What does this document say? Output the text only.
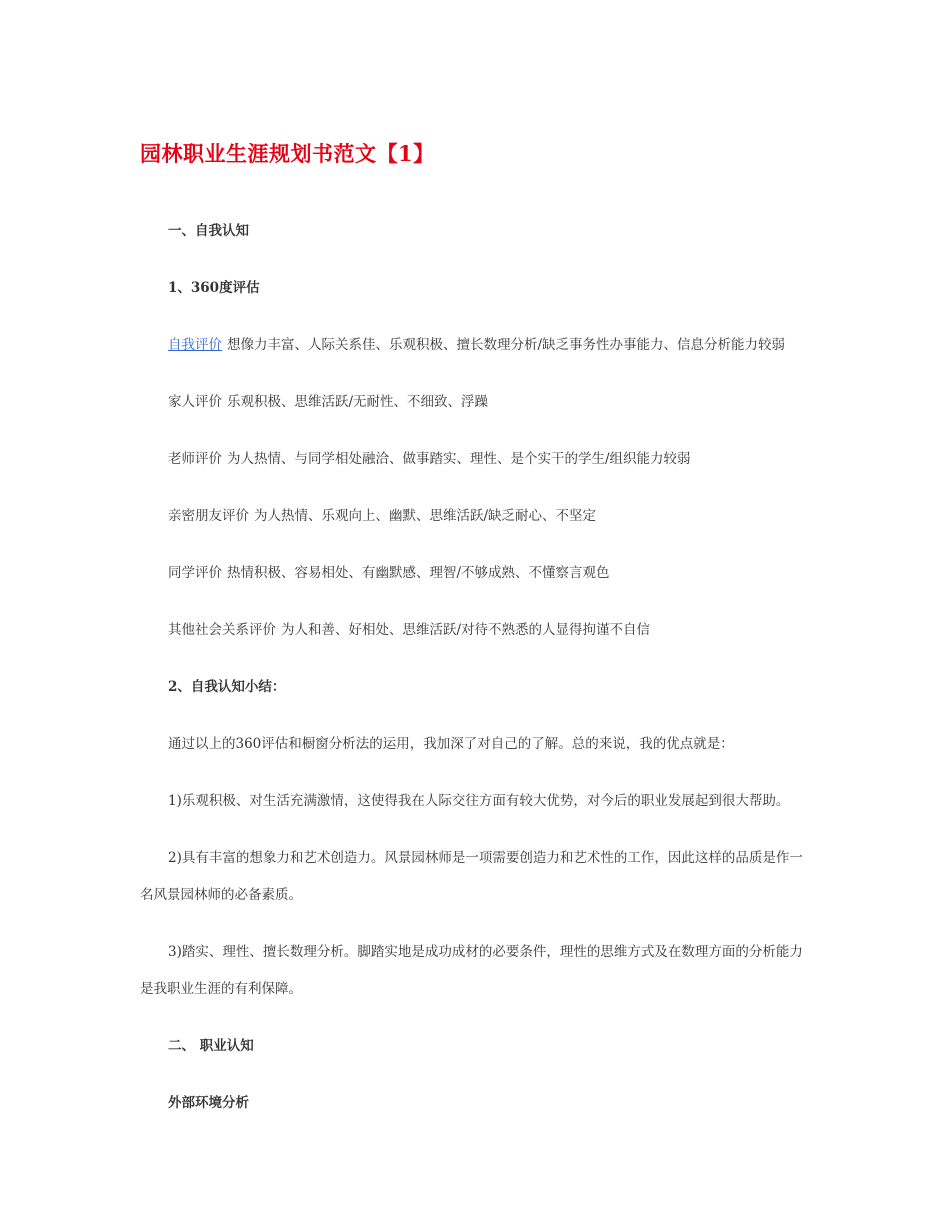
园林职业生涯规划书范文【1】
一、自我认知
1、360度评估
自我评价 想像力丰富、人际关系佳、乐观积极、擅长数理分析/缺乏事务性办事能力、信息分析能力较弱
家人评价 乐观积极、思维活跃/无耐性、不细致、浮躁
老师评价 为人热情、与同学相处融洽、做事踏实、理性、是个实干的学生/组织能力较弱
亲密朋友评价 为人热情、乐观向上、幽默、思维活跃/缺乏耐心、不坚定
同学评价 热情积极、容易相处、有幽默感、理智/不够成熟、不懂察言观色
其他社会关系评价 为人和善、好相处、思维活跃/对待不熟悉的人显得拘谨不自信
2、自我认知小结：
通过以上的360评估和橱窗分析法的运用，我加深了对自己的了解。总的来说，我的优点就是：
1)乐观积极、对生活充满激情，这使得我在人际交往方面有较大优势，对今后的职业发展起到很大帮助。

2)具有丰富的想象力和艺术创造力。风景园林师是一项需要创造力和艺术性的工作，因此这样的品质是作一名风景园林师的必备素质。

3)踏实、理性、擅长数理分析。脚踏实地是成功成材的必要条件，理性的思维方式及在数理方面的分析能力是我职业生涯的有利保障。

二、 职业认知
外部环境分析
